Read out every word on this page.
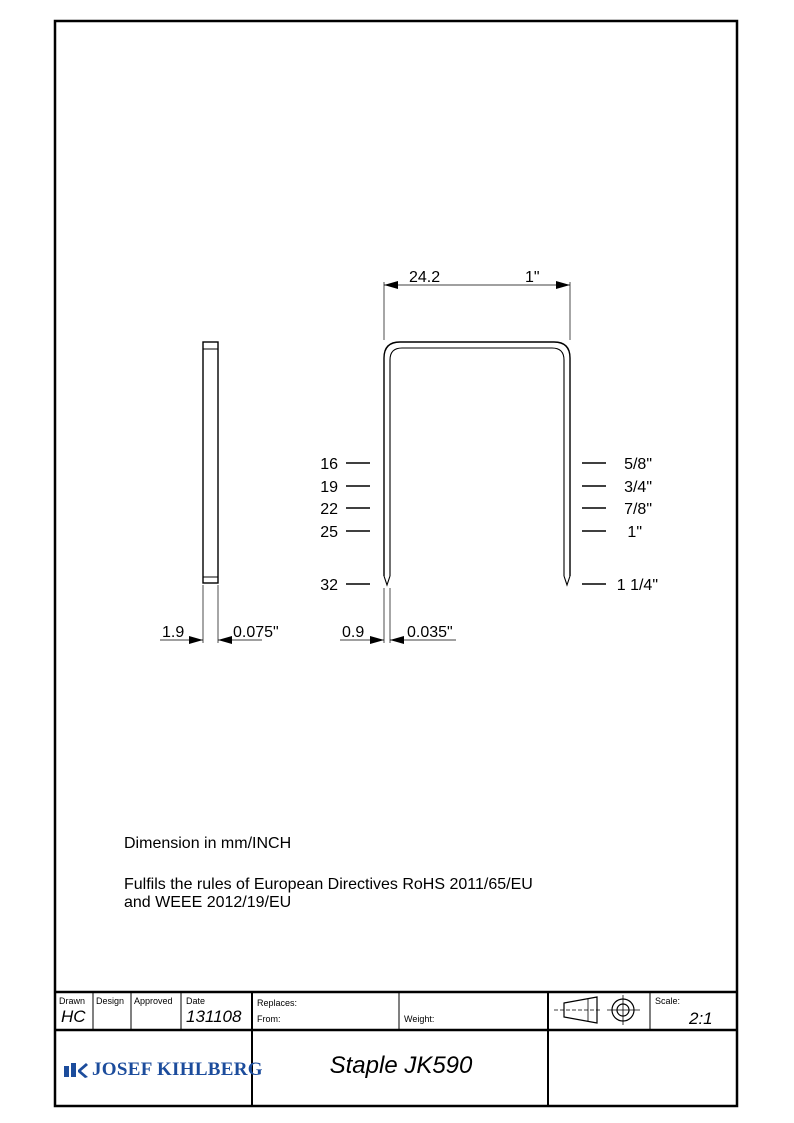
1.9	0.075"
24.2	1"
0.9	0.035"
16
19
22
25
32
5/8"
3/4"
7/8"
1"
1 1/4"
Dimension in mm/INCH
Fulfils the rules of European Directives RoHS 2011/65/EU
and WEEE 2012/19/EU
Drawn
HC
Design Approved Date
131108
Replaces:
From:	Weight:
Scale:
2:1
JOSEF KIHLBERG	Staple JK590
